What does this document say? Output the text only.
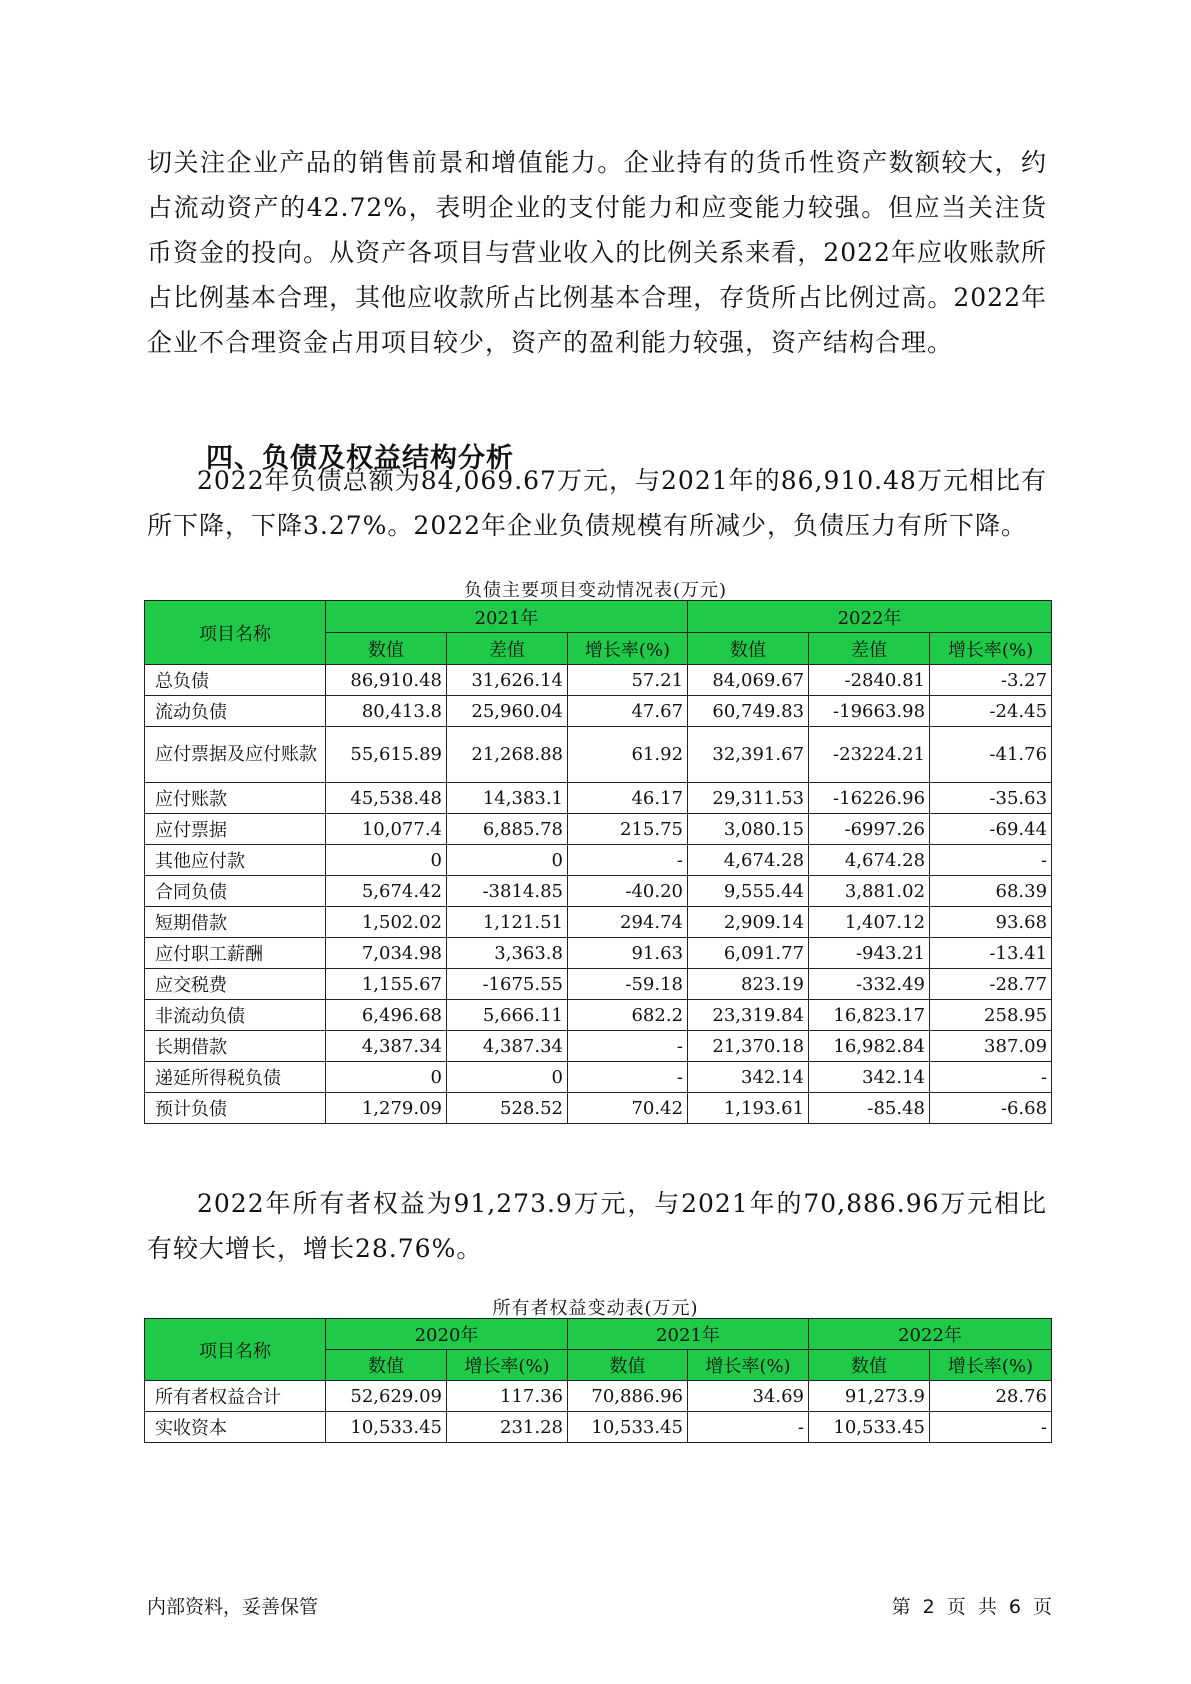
切关注企业产品的销售前景和增值能力。企业持有的货币性资产数额较大，约占流动资产的42.72%，表明企业的支付能力和应变能力较强。但应当关注货币资金的投向。从资产各项目与营业收入的比例关系来看，2022年应收账款所占比例基本合理，其他应收款所占比例基本合理，存货所占比例过高。2022年企业不合理资金占用项目较少，资产的盈利能力较强，资产结构合理。

四、负债及权益结构分析

2022年负债总额为84,069.67万元，与2021年的86,910.48万元相比有所下降，下降3.27%。2022年企业负债规模有所减少，负债压力有所下降。

负债主要项目变动情况表(万元)
项目名称	2021年			2022年		
	数值	差值	增长率(%)	数值	差值	增长率(%)
总负债	86,910.48	31,626.14	57.21	84,069.67	-2840.81	-3.27
流动负债	80,413.8	25,960.04	47.67	60,749.83	-19663.98	-24.45
应付票据及应付账款	55,615.89	21,268.88	61.92	32,391.67	-23224.21	-41.76
应付账款	45,538.48	14,383.1	46.17	29,311.53	-16226.96	-35.63
应付票据	10,077.4	6,885.78	215.75	3,080.15	-6997.26	-69.44
其他应付款	0	0	-	4,674.28	4,674.28	-
合同负债	5,674.42	-3814.85	-40.20	9,555.44	3,881.02	68.39
短期借款	1,502.02	1,121.51	294.74	2,909.14	1,407.12	93.68
应付职工薪酬	7,034.98	3,363.8	91.63	6,091.77	-943.21	-13.41
应交税费	1,155.67	-1675.55	-59.18	823.19	-332.49	-28.77
非流动负债	6,496.68	5,666.11	682.2	23,319.84	16,823.17	258.95
长期借款	4,387.34	4,387.34	-	21,370.18	16,982.84	387.09
递延所得税负债	0	0	-	342.14	342.14	-
预计负债	1,279.09	528.52	70.42	1,193.61	-85.48	-6.68

2022年所有者权益为91,273.9万元，与2021年的70,886.96万元相比有较大增长，增长28.76%。

所有者权益变动表(万元)
项目名称	2020年		2021年		2022年	
	数值	增长率(%)	数值	增长率(%)	数值	增长率(%)
所有者权益合计	52,629.09	117.36	70,886.96	34.69	91,273.9	28.76
实收资本	10,533.45	231.28	10,533.45	-	10,533.45	-
内部资料，妥善保管	第 2 页 共 6 页
